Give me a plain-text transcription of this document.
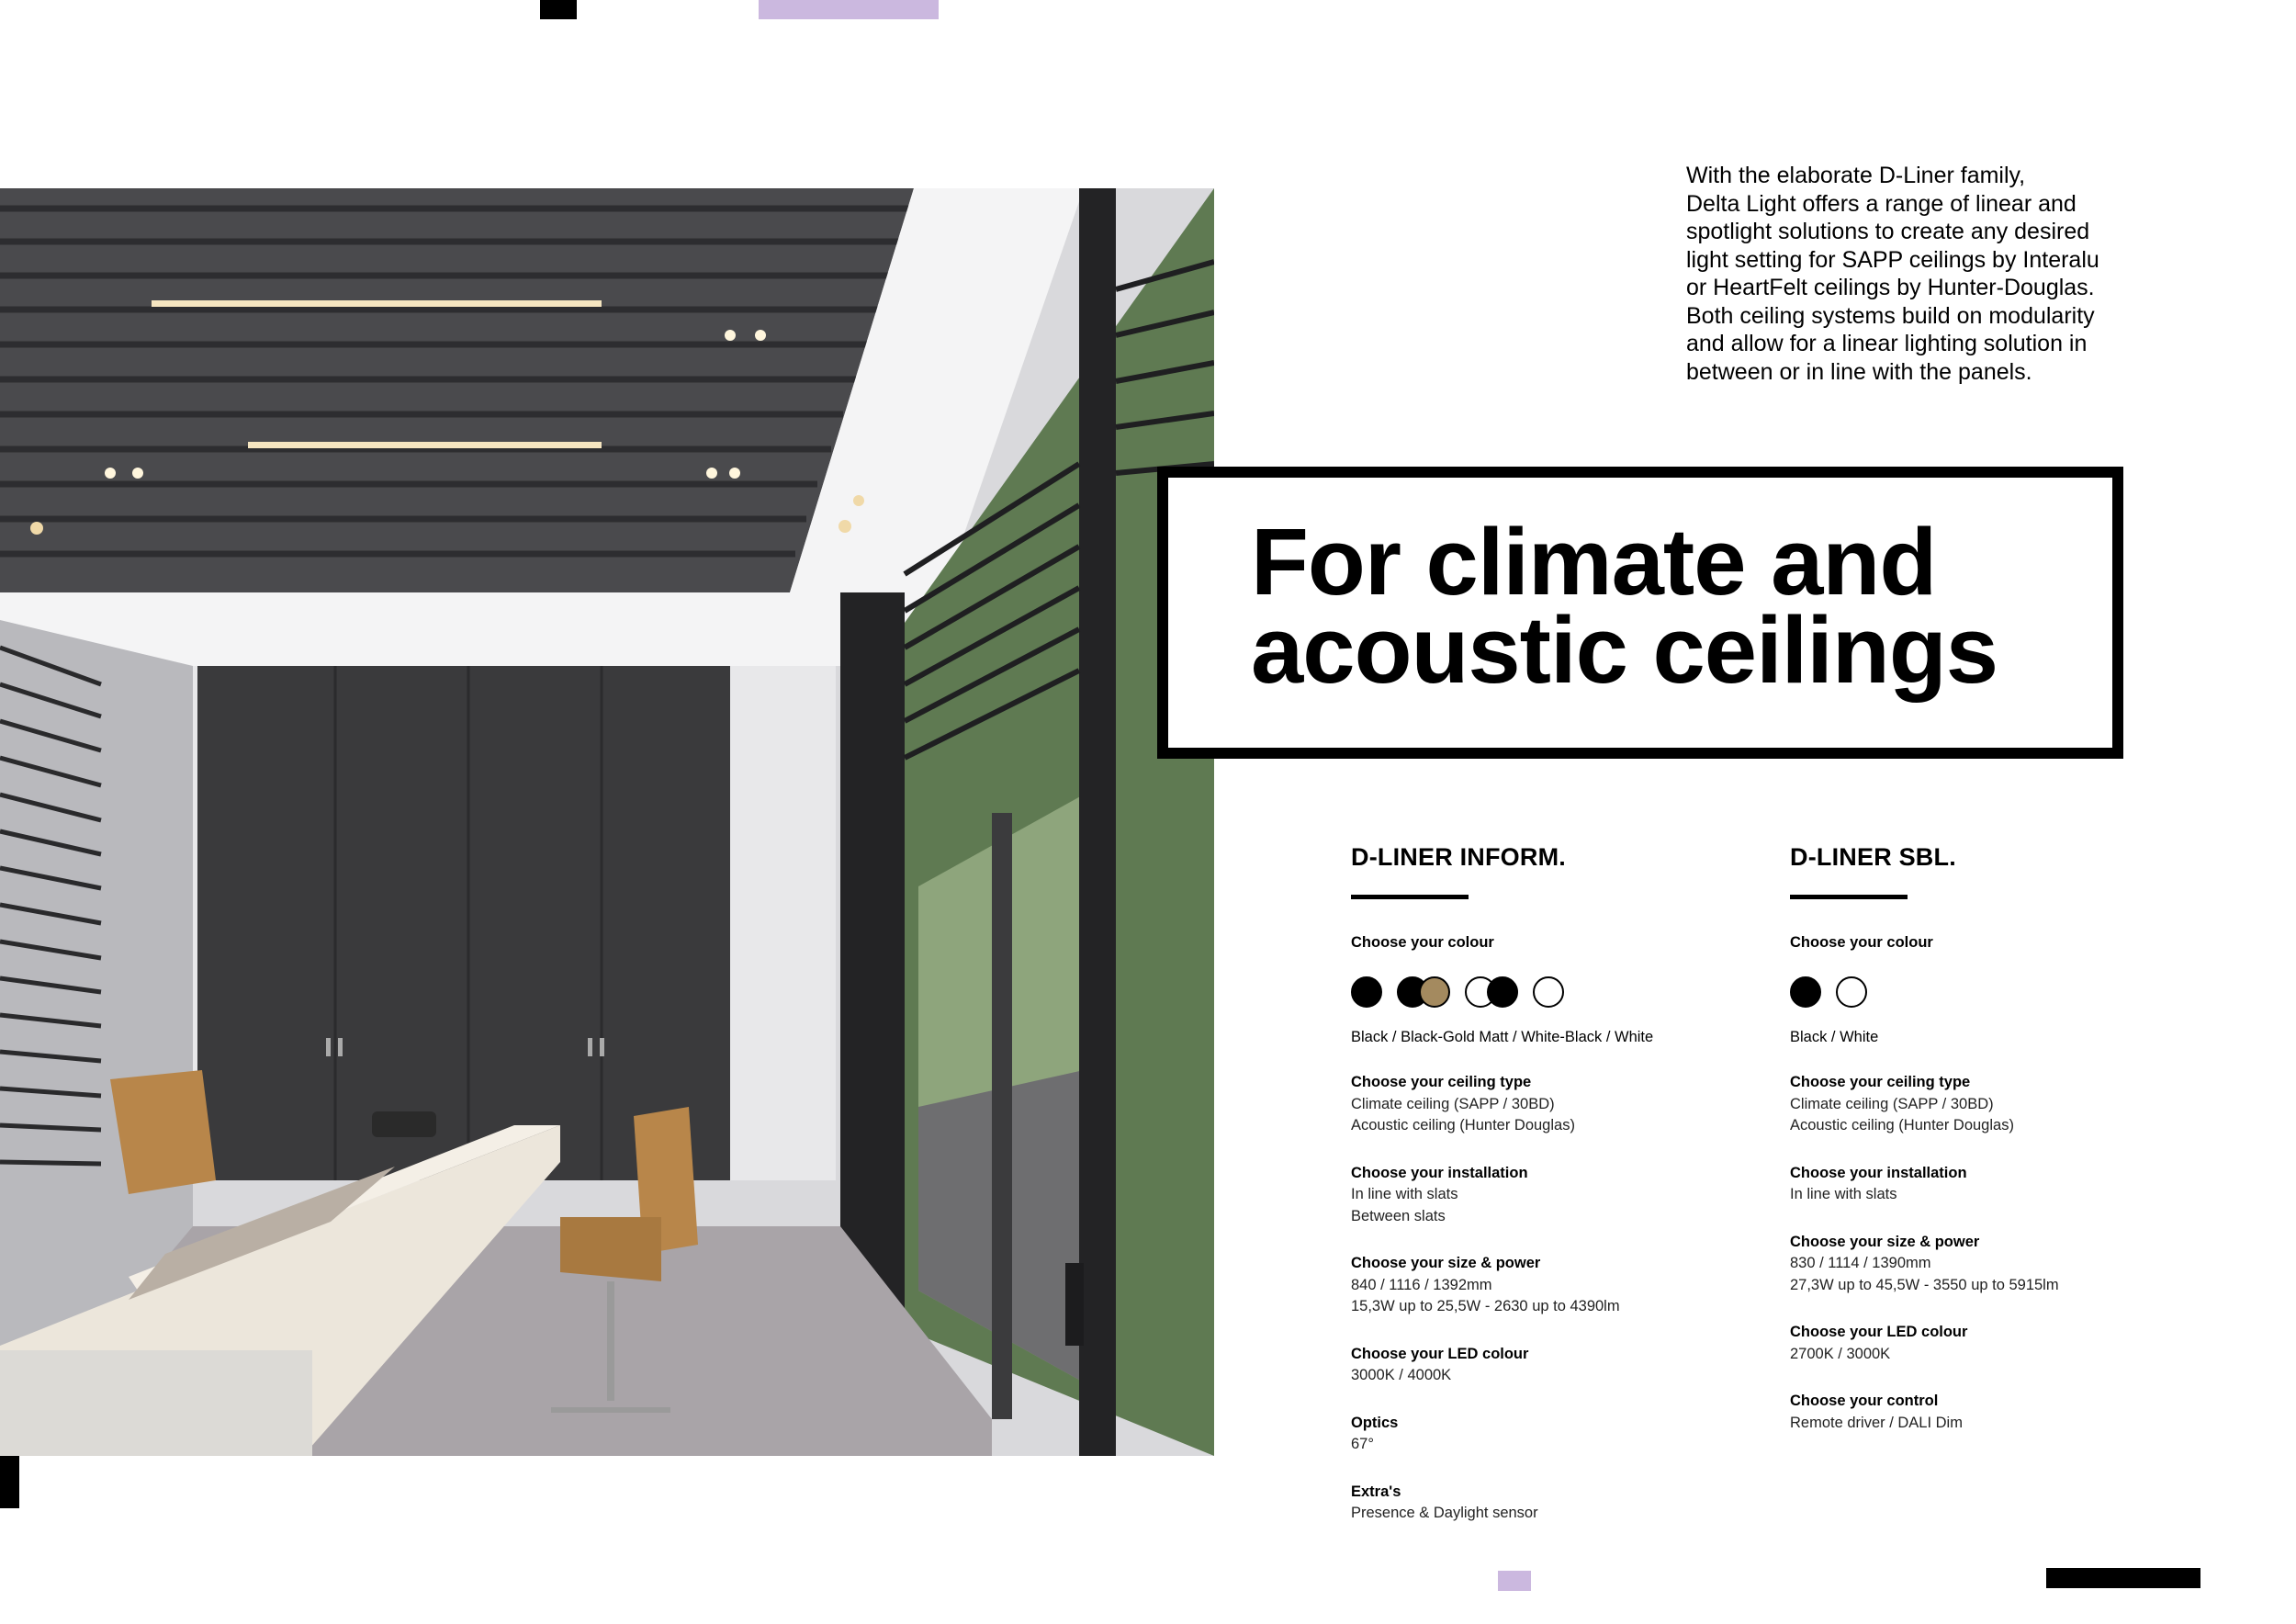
With the elaborate D-Liner family,
Delta Light offers a range of linear and
spotlight solutions to create any desired
light setting for SAPP ceilings by Interalu
or HeartFelt ceilings by Hunter-Douglas.
Both ceiling systems build on modularity
and allow for a linear lighting solution in
between or in line with the panels.
For climate and
acoustic ceilings
D-LINER INFORM.
Choose your colour
Black / Black-Gold Matt / White-Black / White
Choose your ceiling type
Climate ceiling (SAPP / 30BD)
Acoustic ceiling (Hunter Douglas)
Choose your installation
In line with slats
Between slats
Choose your size & power
840 / 1116 / 1392mm
15,3W up to 25,5W - 2630 up to 4390lm
Choose your LED colour
3000K / 4000K
Optics
67°
Extra's
Presence & Daylight sensor
D-LINER SBL.
Choose your colour
Black / White
Choose your ceiling type
Climate ceiling (SAPP / 30BD)
Acoustic ceiling (Hunter Douglas)
Choose your installation
In line with slats
Choose your size & power
830 / 1114 / 1390mm
27,3W up to 45,5W - 3550 up to 5915lm
Choose your LED colour
2700K / 3000K
Choose your control
Remote driver / DALI Dim
